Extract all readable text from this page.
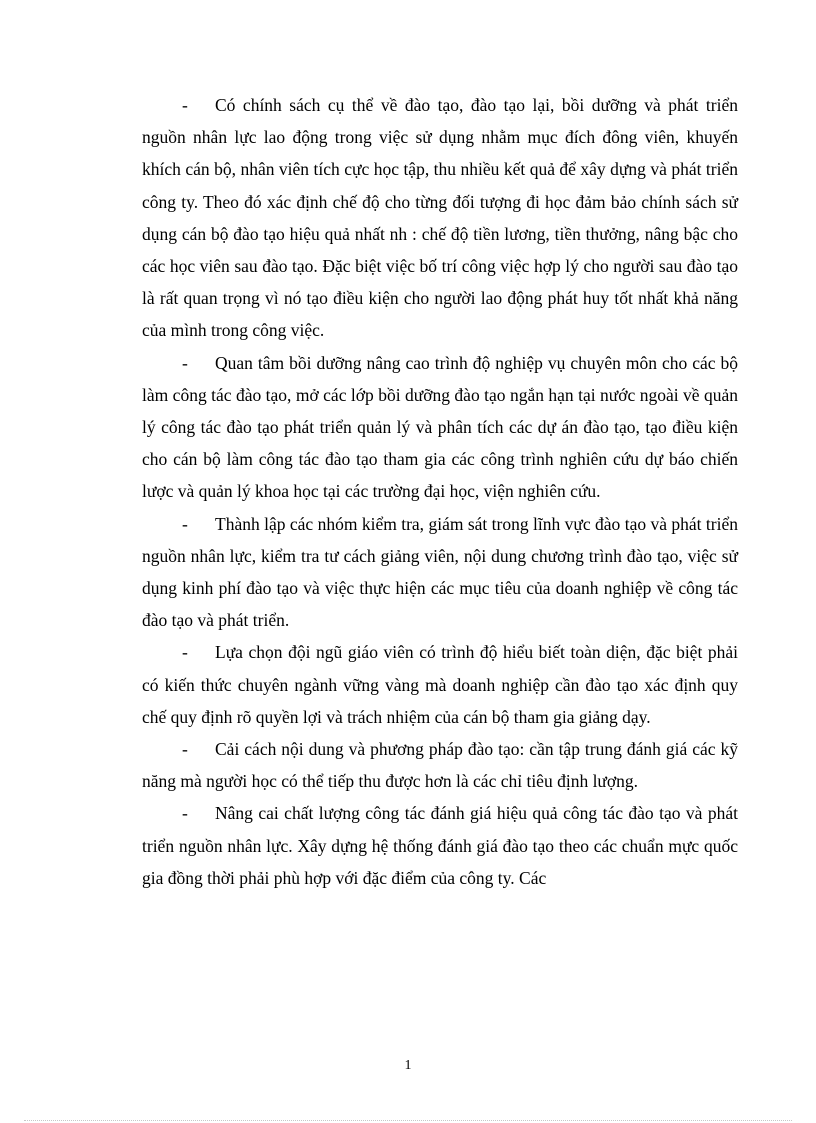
- Có chính sách cụ thể về đào tạo, đào tạo lại, bồi dưỡng và phát triển nguồn nhân lực lao động trong việc sử dụng nhằm mục đích đông viên, khuyến khích cán bộ, nhân viên tích cực học tập, thu nhiều kết quả để xây dựng và phát triển công ty. Theo đó xác định chế độ cho từng đối tượng đi học đảm bảo chính sách sử dụng cán bộ đào tạo hiệu quả nhất nh : chế độ tiền lương, tiền thưởng, nâng bậc cho các học viên sau đào tạo. Đặc biệt việc bố trí công việc hợp lý cho người sau đào tạo là rất quan trọng vì nó tạo điều kiện cho người lao động phát huy tốt nhất khả năng của mình trong công việc.

- Quan tâm bồi dưỡng nâng cao trình độ nghiệp vụ chuyên môn cho các bộ làm công tác đào tạo, mở các lớp bồi dưỡng đào tạo ngắn hạn tại nước ngoài về quản lý công tác đào tạo phát triển quản lý và phân tích các dự án đào tạo, tạo điều kiện cho cán bộ làm công tác đào tạo tham gia các công trình nghiên cứu dự báo chiến lược và quản lý khoa học tại các trường đại học, viện nghiên cứu.

- Thành lập các nhóm kiểm tra, giám sát trong lĩnh vực đào tạo và phát triển nguồn nhân lực, kiểm tra tư cách giảng viên, nội dung chương trình đào tạo, việc sử dụng kinh phí đào tạo và việc thực hiện các mục tiêu của doanh nghiệp về công tác đào tạo và phát triển.

- Lựa chọn đội ngũ giáo viên có trình độ hiểu biết toàn diện, đặc biệt phải có kiến thức chuyên ngành vững vàng mà doanh nghiệp cần đào tạo xác định quy chế quy định rõ quyền lợi và trách nhiệm của cán bộ tham gia giảng dạy.

- Cải cách nội dung và phương pháp đào tạo: cần tập trung đánh giá các kỹ năng mà người học có thể tiếp thu được hơn là các chỉ tiêu định lượng.

- Nâng cai chất lượng công tác đánh giá hiệu quả công tác đào tạo và phát triển nguồn nhân lực. Xây dựng hệ thống đánh giá đào tạo theo các chuẩn mực quốc gia đồng thời phải phù hợp với đặc điểm của công ty. Các

1
